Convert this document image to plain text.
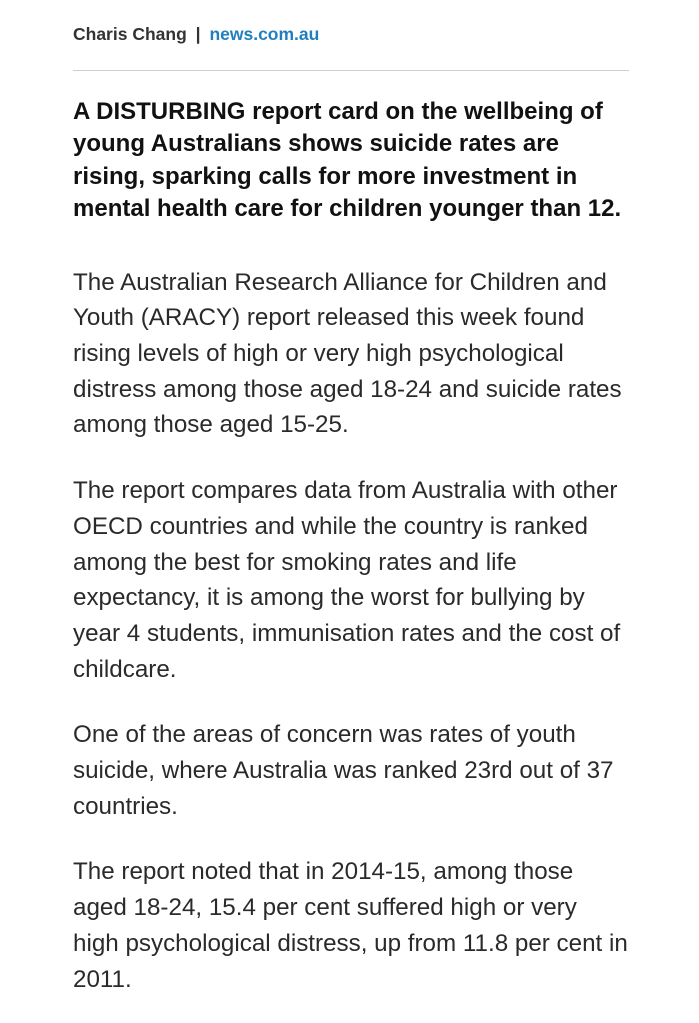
Charis Chang | news.com.au

A DISTURBING report card on the wellbeing of young Australians shows suicide rates are rising, sparking calls for more investment in mental health care for children younger than 12.

The Australian Research Alliance for Children and Youth (ARACY) report released this week found rising levels of high or very high psychological distress among those aged 18-24 and suicide rates among those aged 15-25.

The report compares data from Australia with other OECD countries and while the country is ranked among the best for smoking rates and life expectancy, it is among the worst for bullying by year 4 students, immunisation rates and the cost of childcare.

One of the areas of concern was rates of youth suicide, where Australia was ranked 23rd out of 37 countries.

The report noted that in 2014-15, among those aged 18-24, 15.4 per cent suffered high or very high psychological distress, up from 11.8 per cent in 2011.
